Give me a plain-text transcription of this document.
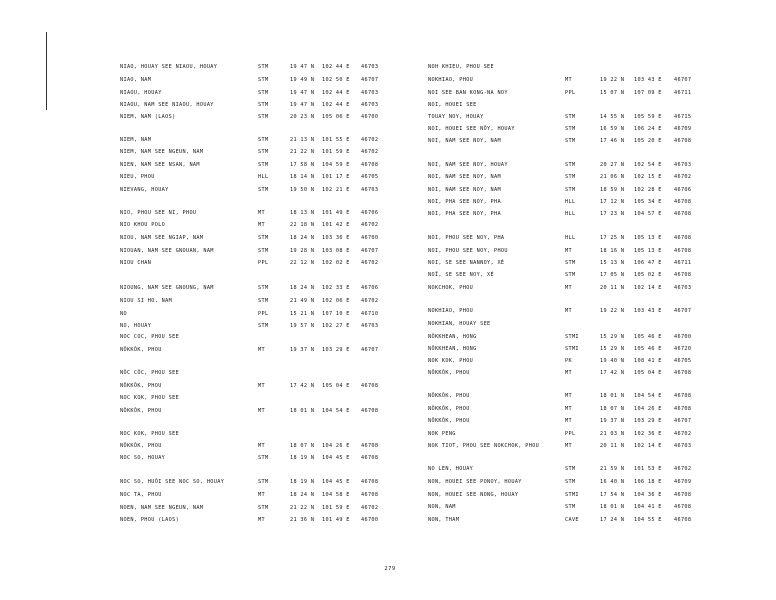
NIAO, HOUAY SEE NIAOU, HOUAY	STM	19 47 N 102 44 E 46703
NIAO, NAM	STM	19 49 N 102 50 E 46707
NIAOU, HOUAY	STM	19 47 N 102 44 E 46703
NIAOU, NAM SEE NIAOU, HOUAY	STM	19 47 N 102 44 E 46703
NIEM, NAM (LAOS)	STM	20 23 N 105 06 E 46700
NIEM, NAM	STM	21 13 N 101 55 E 46702
NIEM, NAM SEE NGEUN, NAM	STM	21 22 N 101 59 E 46702
NIEN, NAM SEE NSAN, NAM	STM	17 58 N 104 59 E 46708
NIEU, PHOU	HLL	18 14 N 101 17 E 46705
NIEVANG, HOUAY	STM	19 50 N 102 21 E 46703
NIO, PHOU SEE NI, PHOU	MT	18 13 N 101 49 E 46706
NIO KHOU POLO	MT	22 18 N 101 42 E 46702
NIOU, NAM SEE NGIAP, NAM	STM	18 24 N 103 36 E 46700
NIOUAN, NAM SEE GNOUAN, NAM	STM	19 28 N 103 08 E 46707
NIOU CHAN	PPL	22 12 N 102 02 E 46702
NIOUNG, NAM SEE GNOUNG, NAM	STM	18 24 N 102 33 E 46706
NIOU SI HO, NAM	STM	21 49 N 102 06 E 46702
NO	PPL	15 21 N 107 10 E 46710
NO, HOUAY	STM	19 57 N 102 27 E 46703
NOC COC, PHOU SEE
NÔKKÔK, PHOU	MT	19 37 N 103 29 E 46707
NÔC CÔC, PHOU SEE
NÔKKÔK, PHOU	MT	17 42 N 105 04 E 46708
NOC KOK, PHOU SEE
NÔKKÔK, PHOU	MT	18 01 N 104 54 E 46708
NOC KOK, PHOU SEE
NÔKKÔK, PHOU	MT	18 07 N 104 26 E 46708
NOC SO, HOUAY	STM	18 19 N 104 45 E 46708
NOC SO, HUÔI SEE NOC SO, HOUAY	STM	18 19 N 104 45 E 46708
NOC TA, PHOU	MT	18 24 N 104 58 E 46708
NOEN, NAM SEE NGEUN, NAM	STM	21 22 N 101 59 E 46702
NOEN, PHOU (LAOS)	MT	21 36 N 101 49 E 46700
NOH KHIEU, PHOU SEE
NOKHIAO, PHOU	MT	19 22 N 103 43 E 46707
NOI SEE BAN KONG-NA NOY	PPL	15 07 N 107 09 E 46711
NOI, HOUEI SEE
TOUAY NOY, HOUAY	STM	14 55 N 105 59 E 46715
NOI, HOUEI SEE NÔY, HOUAY	STM	16 59 N 106 24 E 46709
NOI, NAM SEE NOY, NAM	STM	17 46 N 105 20 E 46708
NOI, NAM SEE NOY, HOUAY	STM	20 27 N 102 54 E 46703
NOI, NAM SEE NOY, NAM	STM	21 06 N 102 15 E 46702
NOI, NAM SEE NOY, NAM	STM	18 59 N 102 28 E 46706
NOI, PHA SEE NOY, PHA	HLL	17 12 N 105 34 E 46708
NOI, PHA SEE NOY, PHA	HLL	17 23 N 104 57 E 46708
NOI, PHOU SEE NOY, PHA	HLL	17 25 N 105 13 E 46708
NOI, PHOU SEE NOY, PHOU	MT	18 16 N 105 13 E 46708
NOI, SE SEE NANNOY, XÉ	STM	15 13 N 106 47 E 46711
NOÏ, SE SEE NOY, XÉ	STM	17 05 N 105 02 E 46708
NOKCHOK, PHOU	MT	20 11 N 102 14 E 46703
NOKHIAO, PHOU	MT	19 22 N 103 43 E 46707
NOKHIAN, HOUAY SEE
NÔKKHEAN, HONG	STMI	15 29 N 105 46 E 46700
NÔKKHEAN, HONG	STMI	15 29 N 105 46 E 46720
NOK KOK, PHOU	PK	19 40 N 108 41 E 46705
NÔKKÔK, PHOU	MT	17 42 N 105 04 E 46708
NÔKKÔK, PHOU	MT	18 01 N 104 54 E 46708
NÔKKÔK, PHOU	MT	18 07 N 104 26 E 46708
NÔKKÔK, PHOU	MT	19 37 N 103 29 E 46707
NOK PENG	PPL	21 03 N 102 36 E 46702
NOK TIOT, PHOU SEE NOKCHOK, PHOU	MT	20 11 N 102 14 E 46703
NO LEN, HOUAY	STM	21 59 N 101 53 E 46702
NON, HOUEI SEE PONOY, HOUAY	STM	16 40 N 106 18 E 46709
NON, HOUEI SEE NONG, HOUAY	STMI	17 54 N 104 36 E 46708
NON, NAM	STM	18 01 N 104 41 E 46708
NON, THAM	CAVE	17 24 N 104 55 E 46708
279
